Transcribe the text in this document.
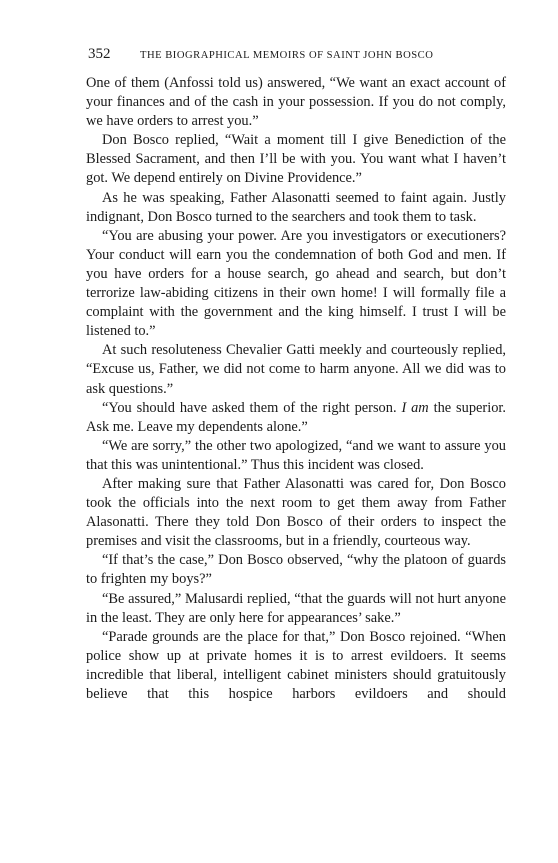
352	THE BIOGRAPHICAL MEMOIRS OF SAINT JOHN BOSCO

One of them (Anfossi told us) answered, “We want an exact account of your finances and of the cash in your possession. If you do not comply, we have orders to arrest you.”

Don Bosco replied, “Wait a moment till I give Benediction of the Blessed Sacrament, and then I’ll be with you. You want what I haven’t got. We depend entirely on Divine Providence.”

As he was speaking, Father Alasonatti seemed to faint again. Justly indignant, Don Bosco turned to the searchers and took them to task.

“You are abusing your power. Are you investigators or executioners? Your conduct will earn you the condemnation of both God and men. If you have orders for a house search, go ahead and search, but don’t terrorize law-abiding citizens in their own home! I will formally file a complaint with the government and the king himself. I trust I will be listened to.”

At such resoluteness Chevalier Gatti meekly and courteously replied, “Excuse us, Father, we did not come to harm anyone. All we did was to ask questions.”

“You should have asked them of the right person. I am the superior. Ask me. Leave my dependents alone.”

“We are sorry,” the other two apologized, “and we want to assure you that this was unintentional.” Thus this incident was closed.

After making sure that Father Alasonatti was cared for, Don Bosco took the officials into the next room to get them away from Father Alasonatti. There they told Don Bosco of their orders to inspect the premises and visit the classrooms, but in a friendly, courteous way.

“If that’s the case,” Don Bosco observed, “why the platoon of guards to frighten my boys?”

“Be assured,” Malusardi replied, “that the guards will not hurt anyone in the least. They are only here for appearances’ sake.”

“Parade grounds are the place for that,” Don Bosco rejoined. “When police show up at private homes it is to arrest evildoers. It seems incredible that liberal, intelligent cabinet ministers should gratuitously believe that this hospice harbors evildoers and should
